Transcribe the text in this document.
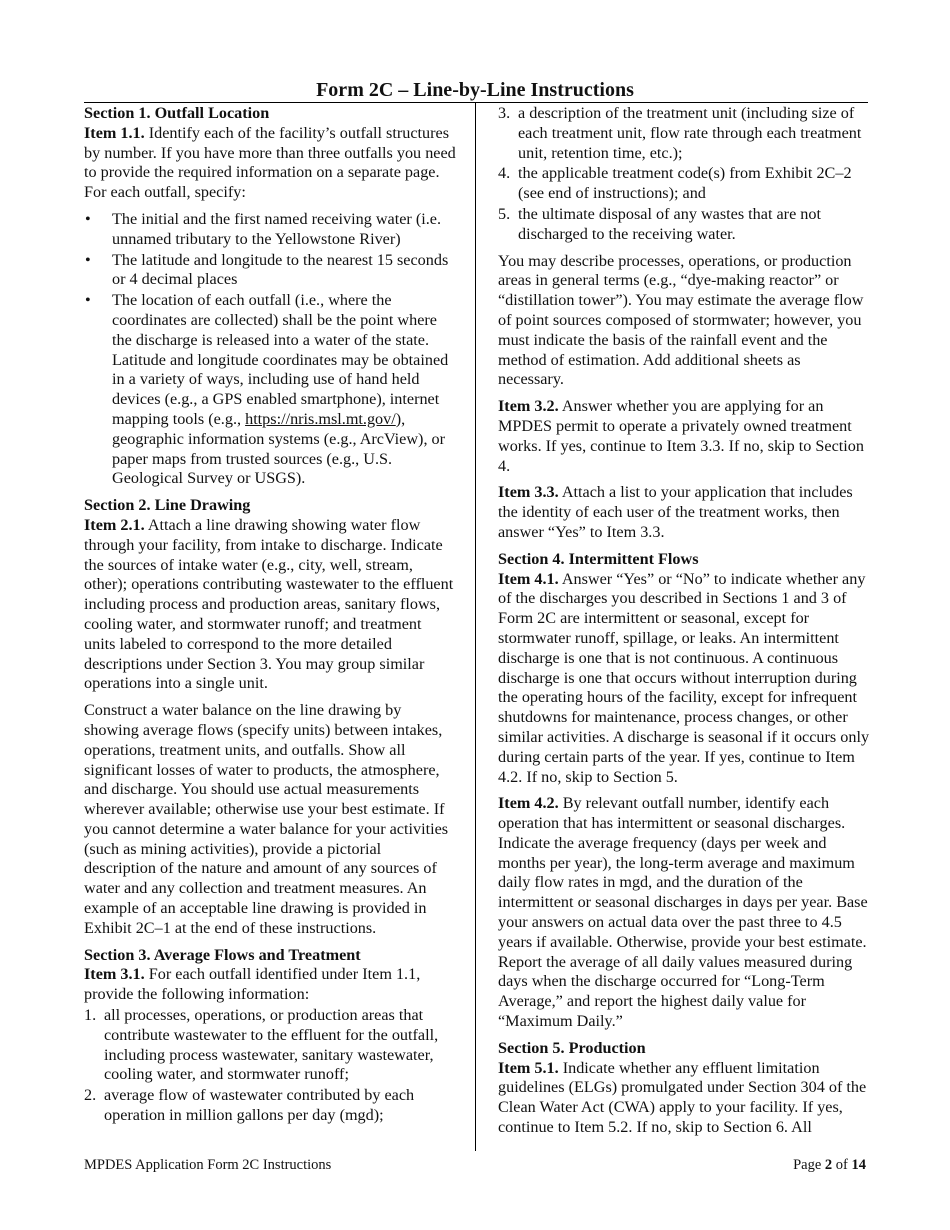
Form 2C – Line-by-Line Instructions
Section 1. Outfall Location

Item 1.1. Identify each of the facility’s outfall structures by number. If you have more than three outfalls you need to provide the required information on a separate page. For each outfall, specify:

• The initial and the first named receiving water (i.e. unnamed tributary to the Yellowstone River)
• The latitude and longitude to the nearest 15 seconds or 4 decimal places
• The location of each outfall (i.e., where the coordinates are collected) shall be the point where the discharge is released into a water of the state. Latitude and longitude coordinates may be obtained in a variety of ways, including use of hand held devices (e.g., a GPS enabled smartphone), internet mapping tools (e.g., https://nris.msl.mt.gov/), geographic information systems (e.g., ArcView), or paper maps from trusted sources (e.g., U.S. Geological Survey or USGS).
Section 2. Line Drawing

Item 2.1. Attach a line drawing showing water flow through your facility, from intake to discharge. Indicate the sources of intake water (e.g., city, well, stream, other); operations contributing wastewater to the effluent including process and production areas, sanitary flows, cooling water, and stormwater runoff; and treatment units labeled to correspond to the more detailed descriptions under Section 3. You may group similar operations into a single unit.

Construct a water balance on the line drawing by showing average flows (specify units) between intakes, operations, treatment units, and outfalls. Show all significant losses of water to products, the atmosphere, and discharge. You should use actual measurements wherever available; otherwise use your best estimate. If you cannot determine a water balance for your activities (such as mining activities), provide a pictorial description of the nature and amount of any sources of water and any collection and treatment measures. An example of an acceptable line drawing is provided in Exhibit 2C–1 at the end of these instructions.

Section 3. Average Flows and Treatment

Item 3.1. For each outfall identified under Item 1.1, provide the following information:

1. all processes, operations, or production areas that contribute wastewater to the effluent for the outfall, including process wastewater, sanitary wastewater, cooling water, and stormwater runoff;
2. average flow of wastewater contributed by each operation in million gallons per day (mgd);
3. a description of the treatment unit (including size of each treatment unit, flow rate through each treatment unit, retention time, etc.);
4. the applicable treatment code(s) from Exhibit 2C–2 (see end of instructions); and
5. the ultimate disposal of any wastes that are not discharged to the receiving water.

You may describe processes, operations, or production areas in general terms (e.g., “dye-making reactor” or “distillation tower”). You may estimate the average flow of point sources composed of stormwater; however, you must indicate the basis of the rainfall event and the method of estimation. Add additional sheets as necessary.

Item 3.2. Answer whether you are applying for an MPDES permit to operate a privately owned treatment works. If yes, continue to Item 3.3. If no, skip to Section 4.

Item 3.3. Attach a list to your application that includes the identity of each user of the treatment works, then answer “Yes” to Item 3.3.

Section 4. Intermittent Flows

Item 4.1. Answer “Yes” or “No” to indicate whether any of the discharges you described in Sections 1 and 3 of Form 2C are intermittent or seasonal, except for stormwater runoff, spillage, or leaks. An intermittent discharge is one that is not continuous. A continuous discharge is one that occurs without interruption during the operating hours of the facility, except for infrequent shutdowns for maintenance, process changes, or other similar activities. A discharge is seasonal if it occurs only during certain parts of the year. If yes, continue to Item 4.2. If no, skip to Section 5.

Item 4.2. By relevant outfall number, identify each operation that has intermittent or seasonal discharges. Indicate the average frequency (days per week and months per year), the long-term average and maximum daily flow rates in mgd, and the duration of the intermittent or seasonal discharges in days per year. Base your answers on actual data over the past three to 4.5 years if available. Otherwise, provide your best estimate. Report the average of all daily values measured during days when the discharge occurred for “Long-Term Average,” and report the highest daily value for “Maximum Daily.”

Section 5. Production

Item 5.1. Indicate whether any effluent limitation guidelines (ELGs) promulgated under Section 304 of the Clean Water Act (CWA) apply to your facility. If yes, continue to Item 5.2. If no, skip to Section 6. All

MPDES Application Form 2C Instructions	Page 2 of 14
